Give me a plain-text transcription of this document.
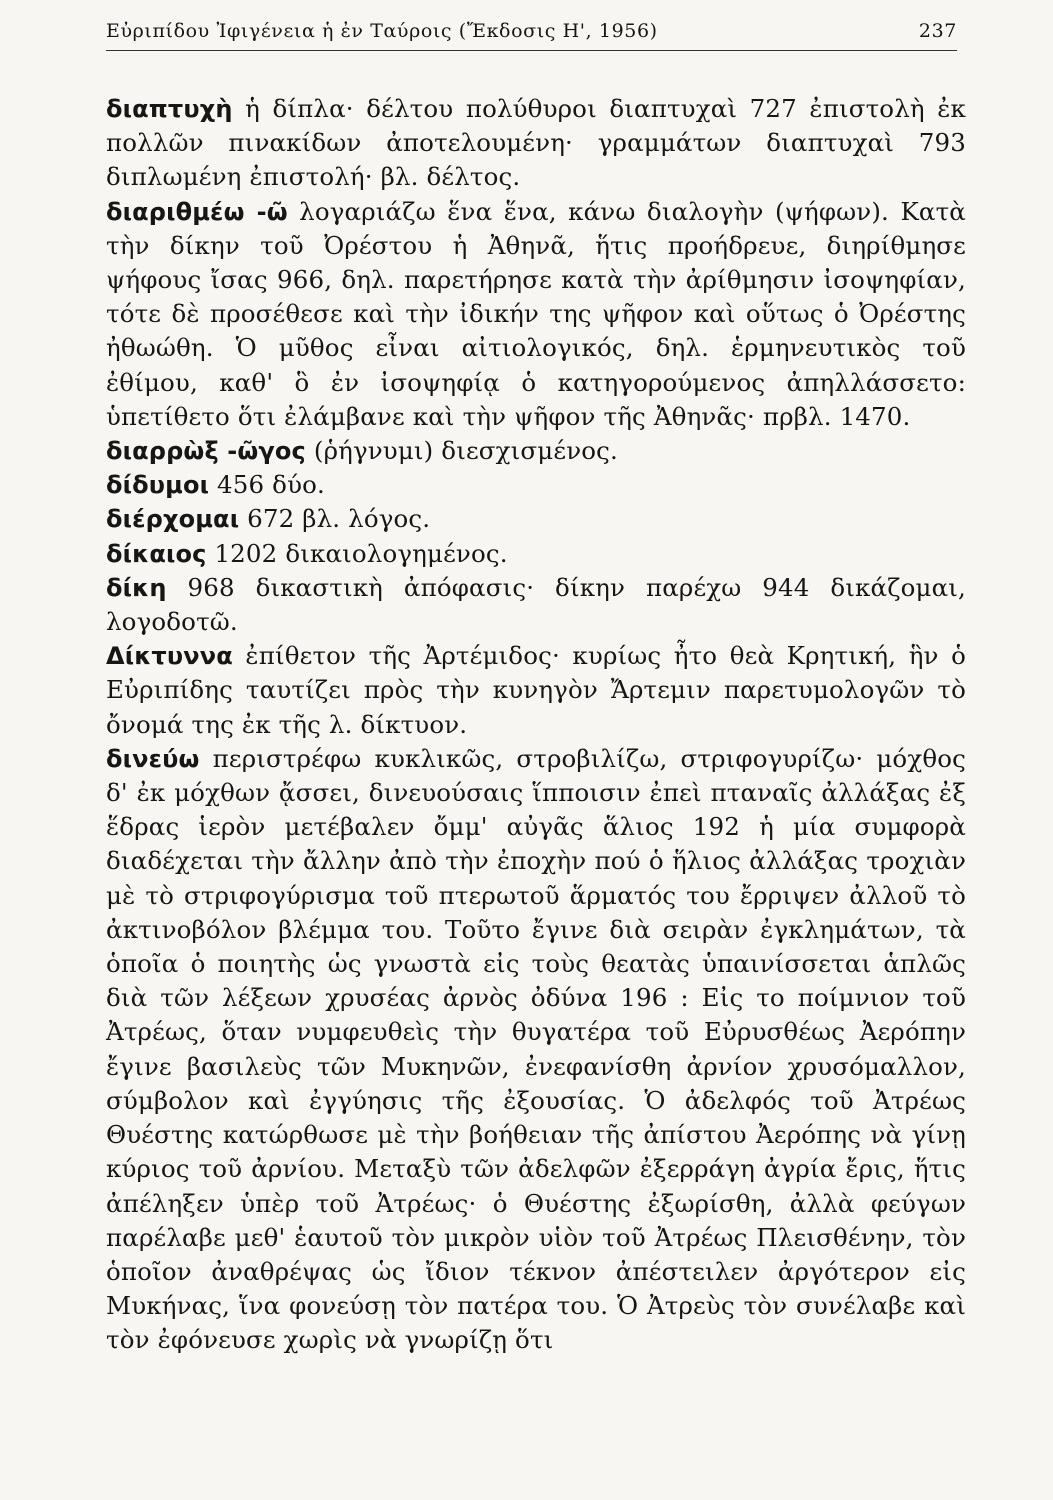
Εὐριπίδου Ἰφιγένεια ἡ ἐν Ταύροις (Ἔκδοσις Η', 1956)	237

διαπτυχὴ ἡ δίπλα· δέλτου πολύθυροι διαπτυχαὶ 727 ἐπιστολὴ ἐκ πολλῶν πινακίδων ἀποτελουμένη· γραμμάτων διαπτυχαὶ 793 διπλωμένη ἐπιστολή· βλ. δέλτος.

διαριθμέω -ῶ λογαριάζω ἕνα ἕνα, κάνω διαλογὴν (ψήφων). Κατὰ τὴν δίκην τοῦ Ὀρέστου ἡ Ἀθηνᾶ, ἥτις προήδρευε, διηρίθμησε ψήφους ἴσας 966, δηλ. παρετήρησε κατὰ τὴν ἀρίθμησιν ἰσοψηφίαν, τότε δὲ προσέθεσε καὶ τὴν ἰδικήν της ψῆφον καὶ οὕτως ὁ Ὀρέστης ἠθωώθη. Ὁ μῦθος εἶναι αἰτιολογικός, δηλ. ἑρμηνευτικὸς τοῦ ἐθίμου, καθ' ὃ ἐν ἰσοψηφίᾳ ὁ κατηγορούμενος ἀπηλλάσσετο: ὑπετίθετο ὅτι ἐλάμβανε καὶ τὴν ψῆφον τῆς Ἀθηνᾶς· πρβλ. 1470.

διαρρὼξ -ῶγος (ῥήγνυμι) διεσχισμένος.

δίδυμοι 456 δύο.

διέρχομαι 672 βλ. λόγος.

δίκαιος 1202 δικαιολογημένος.

δίκη 968 δικαστικὴ ἀπόφασις· δίκην παρέχω 944 δικάζομαι, λογοδοτῶ.

Δίκτυννα ἐπίθετον τῆς Ἀρτέμιδος· κυρίως ἦτο θεὰ Κρητική, ἣν ὁ Εὐριπίδης ταυτίζει πρὸς τὴν κυνηγὸν Ἄρτεμιν παρετυμολογῶν τὸ ὄνομά της ἐκ τῆς λ. δίκτυον.

δινεύω περιστρέφω κυκλικῶς, στροβιλίζω, στριφογυρίζω· μόχθος δ' ἐκ μόχθων ᾄσσει, δινευούσαις ἵπποισιν ἐπεὶ πταναῖς ἀλλάξας ἐξ ἕδρας ἱερὸν μετέβαλεν ὄμμ' αὐγᾶς ἅλιος 192 ἡ μία συμφορὰ διαδέχεται τὴν ἄλλην ἀπὸ τὴν ἐποχὴν πού ὁ ἥλιος ἀλλάξας τροχιὰν μὲ τὸ στριφογύρισμα τοῦ πτερωτοῦ ἅρματός του ἔρριψεν ἀλλοῦ τὸ ἀκτινοβόλον βλέμμα του. Τοῦτο ἔγινε διὰ σειρὰν ἐγκλημάτων, τὰ ὁποῖα ὁ ποιητὴς ὡς γνωστὰ εἰς τοὺς θεατὰς ὑπαινίσσεται ἁπλῶς διὰ τῶν λέξεων χρυσέας ἀρνὸς ὀδύνα 196 : Εἰς το ποίμνιον τοῦ Ἀτρέως, ὅταν νυμφευθεὶς τὴν θυγατέρα τοῦ Εὐρυσθέως Ἀερόπην ἔγινε βασιλεὺς τῶν Μυκηνῶν, ἐνεφανίσθη ἀρνίον χρυσόμαλλον, σύμβολον καὶ ἐγγύησις τῆς ἐξουσίας. Ὁ ἀδελφός τοῦ Ἀτρέως Θυέστης κατώρθωσε μὲ τὴν βοήθειαν τῆς ἀπίστου Ἀερόπης νὰ γίνῃ κύριος τοῦ ἀρνίου. Μεταξὺ τῶν ἀδελφῶν ἐξερράγη ἀγρία ἔρις, ἥτις ἀπέληξεν ὑπὲρ τοῦ Ἀτρέως· ὁ Θυέστης ἐξωρίσθη, ἀλλὰ φεύγων παρέλαβε μεθ' ἑαυτοῦ τὸν μικρὸν υἱὸν τοῦ Ἀτρέως Πλεισθένην, τὸν ὁποῖον ἀναθρέψας ὡς ἴδιον τέκνον ἀπέστειλεν ἀργότερον εἰς Μυκήνας, ἵνα φονεύσῃ τὸν πατέρα του. Ὁ Ἀτρεὺς τὸν συνέλαβε καὶ τὸν ἐφόνευσε χωρὶς νὰ γνωρίζῃ ὅτι
